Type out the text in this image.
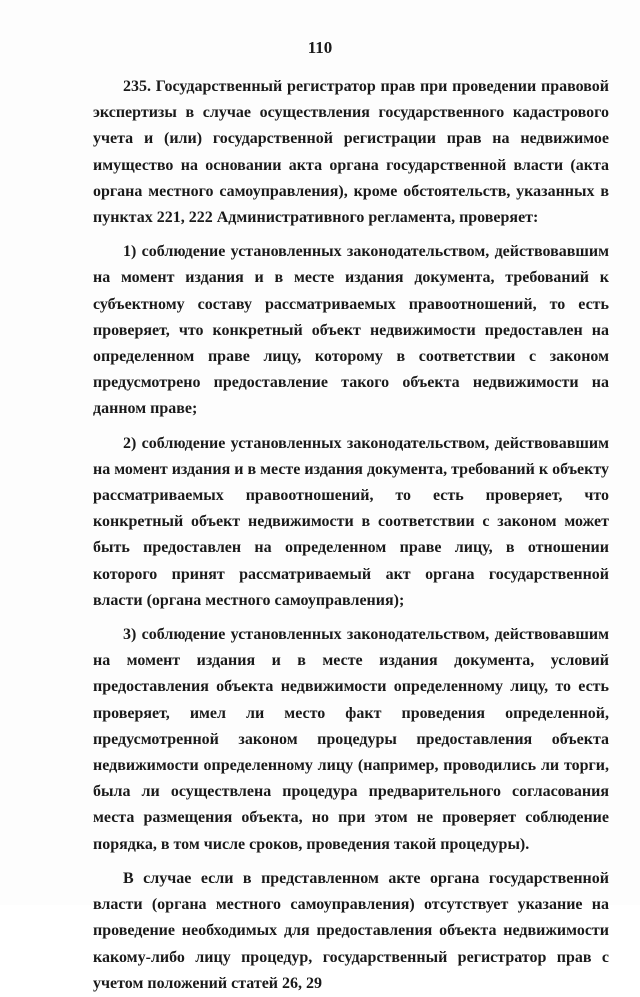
110

235. Государственный регистратор прав при проведении правовой экспертизы в случае осуществления государственного кадастрового учета и (или) государственной регистрации прав на недвижимое имущество на основании акта органа государственной власти (акта органа местного самоуправления), кроме обстоятельств, указанных в пунктах 221, 222 Административного регламента, проверяет:

1) соблюдение установленных законодательством, действовавшим на момент издания и в месте издания документа, требований к субъектному составу рассматриваемых правоотношений, то есть проверяет, что конкретный объект недвижимости предоставлен на определенном праве лицу, которому в соответствии с законом предусмотрено предоставление такого объекта недвижимости на данном праве;

2) соблюдение установленных законодательством, действовавшим на момент издания и в месте издания документа, требований к объекту рассматриваемых правоотношений, то есть проверяет, что конкретный объект недвижимости в соответствии с законом может быть предоставлен на определенном праве лицу, в отношении которого принят рассматриваемый акт органа государственной власти (органа местного самоуправления);

3) соблюдение установленных законодательством, действовавшим на момент издания и в месте издания документа, условий предоставления объекта недвижимости определенному лицу, то есть проверяет, имел ли место факт проведения определенной, предусмотренной законом процедуры предоставления объекта недвижимости определенному лицу (например, проводились ли торги, была ли осуществлена процедура предварительного согласования места размещения объекта, но при этом не проверяет соблюдение порядка, в том числе сроков, проведения такой процедуры).

В случае если в представленном акте органа государственной власти (органа местного самоуправления) отсутствует указание на проведение необходимых для предоставления объекта недвижимости какому-либо лицу процедур, государственный регистратор прав с учетом положений статей 26, 29
